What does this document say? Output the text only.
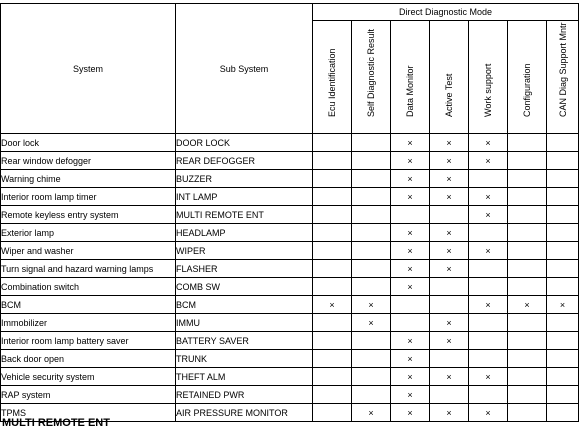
System	Sub System	Direct Diagnostic Mode						

		Ecu Identification	Self Diagnostic Result	Data Monitor	Active Test	Work support	Configuration	CAN Diag Support Mntr

Door lock	DOOR LOCK			×	×	×		
Rear window defogger	REAR DEFOGGER			×	×	×		
Warning chime	BUZZER			×	×			
Interior room lamp timer	INT LAMP			×	×	×		
Remote keyless entry system	MULTI REMOTE ENT					×		
Exterior lamp	HEADLAMP			×	×			
Wiper and washer	WIPER			×	×	×		
Turn signal and hazard warning lamps	FLASHER			×	×			
Combination switch	COMB SW			×				
BCM	BCM	×	×			×	×	×
Immobilizer	IMMU		×		×			
Interior room lamp battery saver	BATTERY SAVER			×	×			
Back door open	TRUNK			×				
Vehicle security system	THEFT ALM			×	×	×		
RAP system	RETAINED PWR			×				
TPMS	AIR PRESSURE MONITOR		×	×	×	×		
MULTI REMOTE ENT
